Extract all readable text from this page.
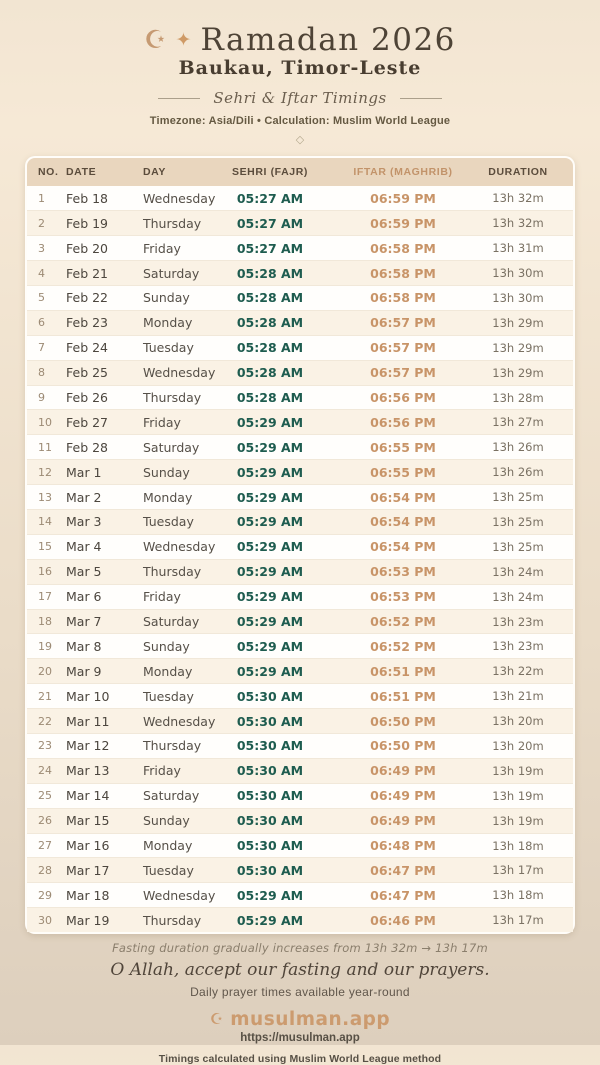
☪ ✦ Ramadan 2026
Baukau, Timor-Leste
Sehri & Iftar Timings
Timezone: Asia/Dili • Calculation: Muslim World League
◇
NO. DATE	DAY	SEHRI (FAJR)	IFTAR (MAGHRIB)	DURATION
1	Feb 18	Wednesday	05:27 AM	06:59 PM	13h 32m
2	Feb 19	Thursday	05:27 AM	06:59 PM	13h 32m
3	Feb 20	Friday	05:27 AM	06:58 PM	13h 31m
4	Feb 21	Saturday	05:28 AM	06:58 PM	13h 30m
5	Feb 22	Sunday	05:28 AM	06:58 PM	13h 30m
6	Feb 23	Monday	05:28 AM	06:57 PM	13h 29m
7	Feb 24	Tuesday	05:28 AM	06:57 PM	13h 29m
8	Feb 25	Wednesday	05:28 AM	06:57 PM	13h 29m
9	Feb 26	Thursday	05:28 AM	06:56 PM	13h 28m
10	Feb 27	Friday	05:29 AM	06:56 PM	13h 27m
11	Feb 28	Saturday	05:29 AM	06:55 PM	13h 26m
12	Mar 1	Sunday	05:29 AM	06:55 PM	13h 26m
13	Mar 2	Monday	05:29 AM	06:54 PM	13h 25m
14	Mar 3	Tuesday	05:29 AM	06:54 PM	13h 25m
15	Mar 4	Wednesday	05:29 AM	06:54 PM	13h 25m
16	Mar 5	Thursday	05:29 AM	06:53 PM	13h 24m
17	Mar 6	Friday	05:29 AM	06:53 PM	13h 24m
18	Mar 7	Saturday	05:29 AM	06:52 PM	13h 23m
19	Mar 8	Sunday	05:29 AM	06:52 PM	13h 23m
20	Mar 9	Monday	05:29 AM	06:51 PM	13h 22m
21	Mar 10	Tuesday	05:30 AM	06:51 PM	13h 21m
22	Mar 11	Wednesday	05:30 AM	06:50 PM	13h 20m
23	Mar 12	Thursday	05:30 AM	06:50 PM	13h 20m
24	Mar 13	Friday	05:30 AM	06:49 PM	13h 19m
25	Mar 14	Saturday	05:30 AM	06:49 PM	13h 19m
26	Mar 15	Sunday	05:30 AM	06:49 PM	13h 19m
27	Mar 16	Monday	05:30 AM	06:48 PM	13h 18m
28	Mar 17	Tuesday	05:30 AM	06:47 PM	13h 17m
29	Mar 18	Wednesday	05:29 AM	06:47 PM	13h 18m
30	Mar 19	Thursday	05:29 AM	06:46 PM	13h 17m
Fasting duration gradually increases from 13h 32m → 13h 17m
O Allah, accept our fasting and our prayers.
Daily prayer times available year-round
☪ musulman.app
https://musulman.app
Timings calculated using Muslim World League method
